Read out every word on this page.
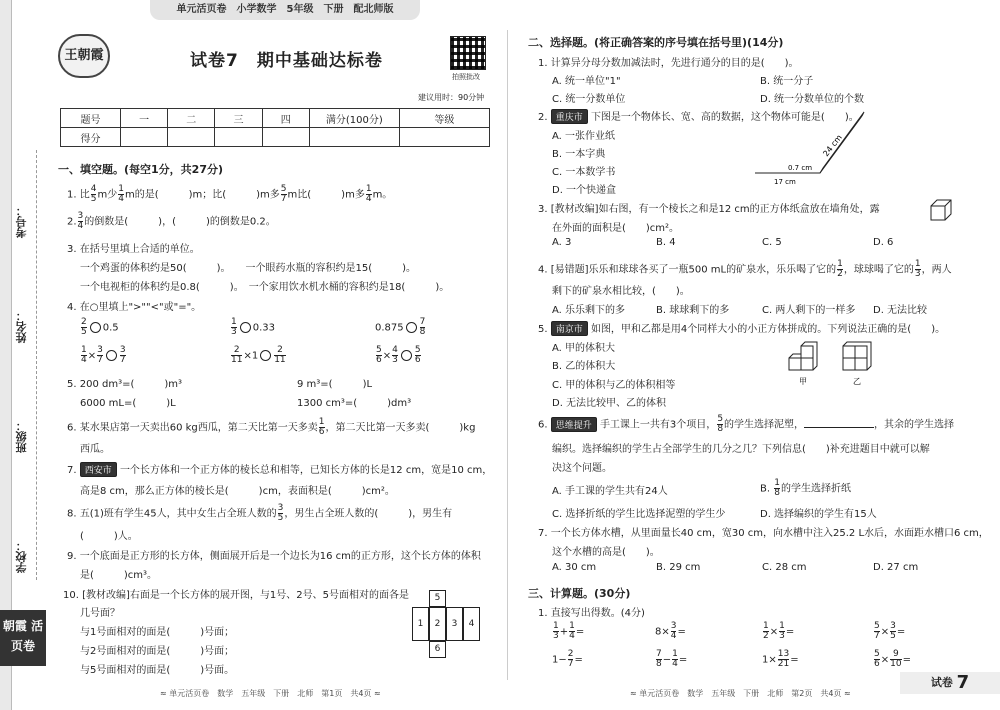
考号：
姓名：
班级：
学校：
朝霞 活页卷
单元活页卷　小学数学　5年级　下册　配北师版
王朝霞	试卷7　期中基础达标卷
拍照批改
建议用时：90分钟
题号	一	二	三	四	满分(100分)	等级
得分						
一、填空题。(每空1分，共27分)
1. 比 $\frac{4}{5}$ m少 $\frac{1}{4}$ m的是(　　　)m；比(　　　)m多 $\frac{5}{7}$ m比(　　　)m多 $\frac{1}{4}$ m。
2. $\frac{3}{4}$ 的倒数是(　　　)，(　　　)的倒数是0.2。
3. 在括号里填上合适的单位。
一个鸡蛋的体积约是50(　　　)。　　一个眼药水瓶的容积约是15(　　　)。
一个电视柜的体积约是0.8(　　　)。　一个家用饮水机水桶的容积约是18(　　　)。
4. 在○里填上">""<"或"="。
$\frac{2}{5} 0.5$	$\frac{1}{3} 0.33$	$0.875 \frac{7}{8}$
$\frac{1}{4} \times \frac{3}{7} \frac{3}{7}$	$\frac{2}{11} \times 1 \frac{2}{11}$	$\frac{5}{6} \times \frac{4}{3} \frac{5}{6}$
5. 200 dm³=(　　　)m³	9 m³=(　　　)L
6000 mL=(　　　)L	1300 cm³=(　　　)dm³
6. 某水果店第一天卖出60 kg西瓜，第二天比第一天多卖 $\frac{1}{6}$ ，第二天比第一天多卖(　　　)kg
西瓜。
7. 西安市 一个长方体和一个正方体的棱长总和相等，已知长方体的长是12 cm，宽是10 cm，
高是8 cm，那么正方体的棱长是(　　　)cm，表面积是(　　　)cm²。
8. 五(1)班有学生45人，其中女生占全班人数的 $\frac{3}{5}$ ，男生占全班人数的(　　　)，男生有
(　　　)人。
9. 一个底面是正方形的长方体，侧面展开后是一个边长为16 cm的正方形，这个长方体的体积
是(　　　)cm³。
10. [教材改编]右面是一个长方体的展开图，与1号、2号、5号面相对的面各是
几号面？
与1号面相对的面是(　　　)号面；
与2号面相对的面是(　　　)号面；
与5号面相对的面是(　　　)号面。
5
1	2	3	4
6
≈ 单元活页卷　数学　五年级　下册　北师　第1页　共4页 ≈
二、选择题。(将正确答案的序号填在括号里)(14分)
1. 计算异分母分数加减法时，先进行通分的目的是(　　)。
A. 统一单位"1"	B. 统一分子
C. 统一分数单位	D. 统一分数单位的个数
2. 重庆市 下图是一个物体长、宽、高的数据，这个物体可能是(　　)。
A. 一张作业纸
B. 一本字典
C. 一本数学书
D. 一个快递盒
24 cm
0.7 cm
17 cm
3. [教材改编]如右图，有一个棱长之和是12 cm的正方体纸盒放在墙角处，露
在外面的面积是(　　)cm²。
A. 3	B. 4	C. 5	D. 6
4. [易错题]乐乐和球球各买了一瓶500 mL的矿泉水，乐乐喝了它的 $\frac{1}{2}$ ，球球喝了它的 $\frac{1}{3}$ ，两人
剩下的矿泉水相比较，(　　)。
A. 乐乐剩下的多	B. 球球剩下的多	C. 两人剩下的一样多 D. 无法比较
5. 南京市 如图，甲和乙都是用4个同样大小的小正方体拼成的。下列说法正确的是(　　)。
A. 甲的体积大
B. 乙的体积大
C. 甲的体积与乙的体积相等
D. 无法比较甲、乙的体积
甲	乙
6. 思维提升 手工课上一共有3个项目， $\frac{5}{8}$ 的学生选择泥塑，	，其余的学生选择
编织。选择编织的学生占全部学生的几分之几？下列信息(　　)补充进题目中就可以解
决这个问题。
A. 手工课的学生共有24人	B. $\frac{1}{8}$ 的学生选择折纸
C. 选择折纸的学生比选择泥塑的学生少	D. 选择编织的学生有15人
7. 一个长方体水槽，从里面量长40 cm，宽30 cm，向水槽中注入25.2 L水后，水面距水槽口6 cm，
这个水槽的高是(　　)。
A. 30 cm	B. 29 cm	C. 28 cm	D. 27 cm
三、计算题。(30分)
1. 直接写出得数。(4分)
$\frac{1}{3} + \frac{1}{4}$ =	$8\times \frac{3}{4}$ =	$\frac{1}{2} \times \frac{1}{3}$ =	$\frac{5}{7} \times \frac{3}{5}$ =
$1- \frac{2}{7}$ =	$\frac{7}{8} - \frac{1}{4}$ =	$1\times \frac{13}{21}$ =	$\frac{5}{6} \times \frac{9}{10}$ =
≈ 单元活页卷　数学　五年级　下册　北师　第2页　共4页 ≈
试卷 7
